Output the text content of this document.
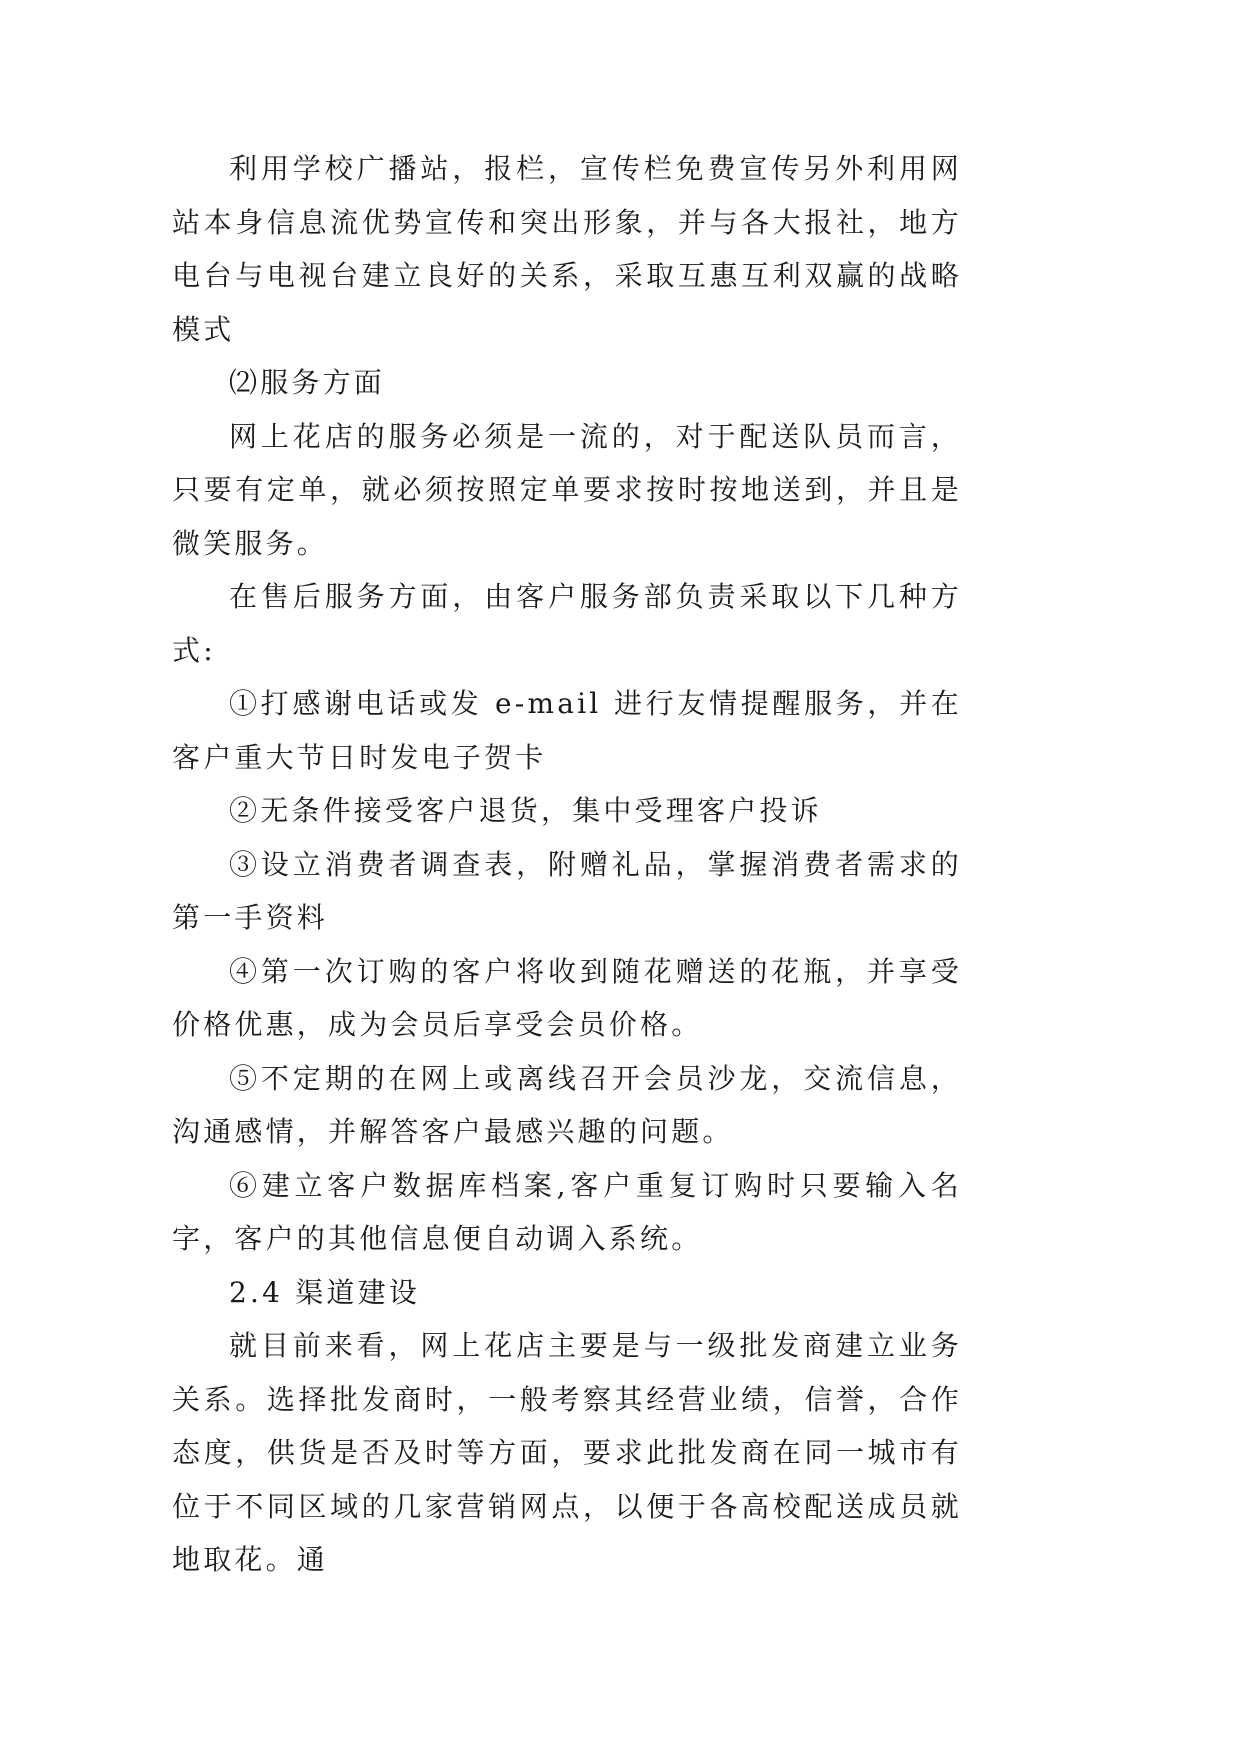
利用学校广播站，报栏，宣传栏免费宣传另外利用网站本身信息流优势宣传和突出形象，并与各大报社，地方电台与电视台建立良好的关系，采取互惠互利双赢的战略模式

⑵服务方面

网上花店的服务必须是一流的，对于配送队员而言，只要有定单，就必须按照定单要求按时按地送到，并且是微笑服务。

在售后服务方面，由客户服务部负责采取以下几种方式:

①打感谢电话或发 e-mail 进行友情提醒服务，并在客户重大节日时发电子贺卡

②无条件接受客户退货，集中受理客户投诉

③设立消费者调查表，附赠礼品，掌握消费者需求的第一手资料

④第一次订购的客户将收到随花赠送的花瓶，并享受价格优惠，成为会员后享受会员价格。

⑤不定期的在网上或离线召开会员沙龙，交流信息，沟通感情，并解答客户最感兴趣的问题。

⑥建立客户数据库档案,客户重复订购时只要输入名字，客户的其他信息便自动调入系统。

2.4 渠道建设

就目前来看，网上花店主要是与一级批发商建立业务关系。选择批发商时，一般考察其经营业绩，信誉，合作态度，供货是否及时等方面，要求此批发商在同一城市有位于不同区域的几家营销网点，以便于各高校配送成员就地取花。通
